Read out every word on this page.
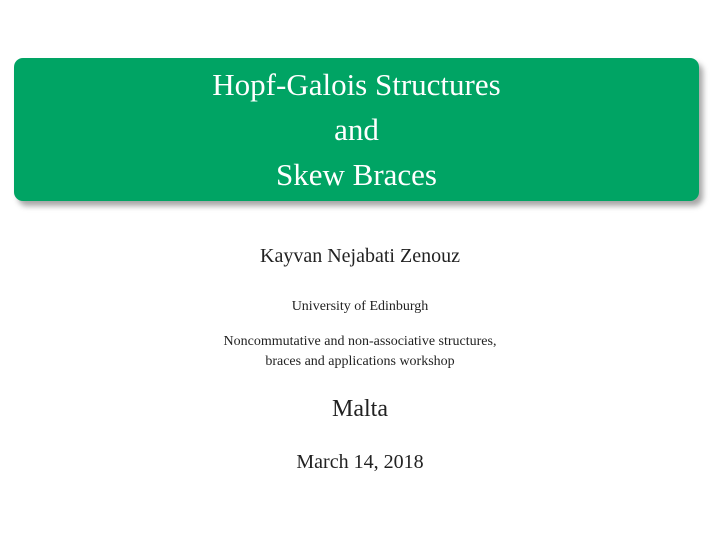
Hopf-Galois Structures
and
Skew Braces
Kayvan Nejabati Zenouz
University of Edinburgh
Noncommutative and non-associative structures,
braces and applications workshop
Malta
March 14, 2018
